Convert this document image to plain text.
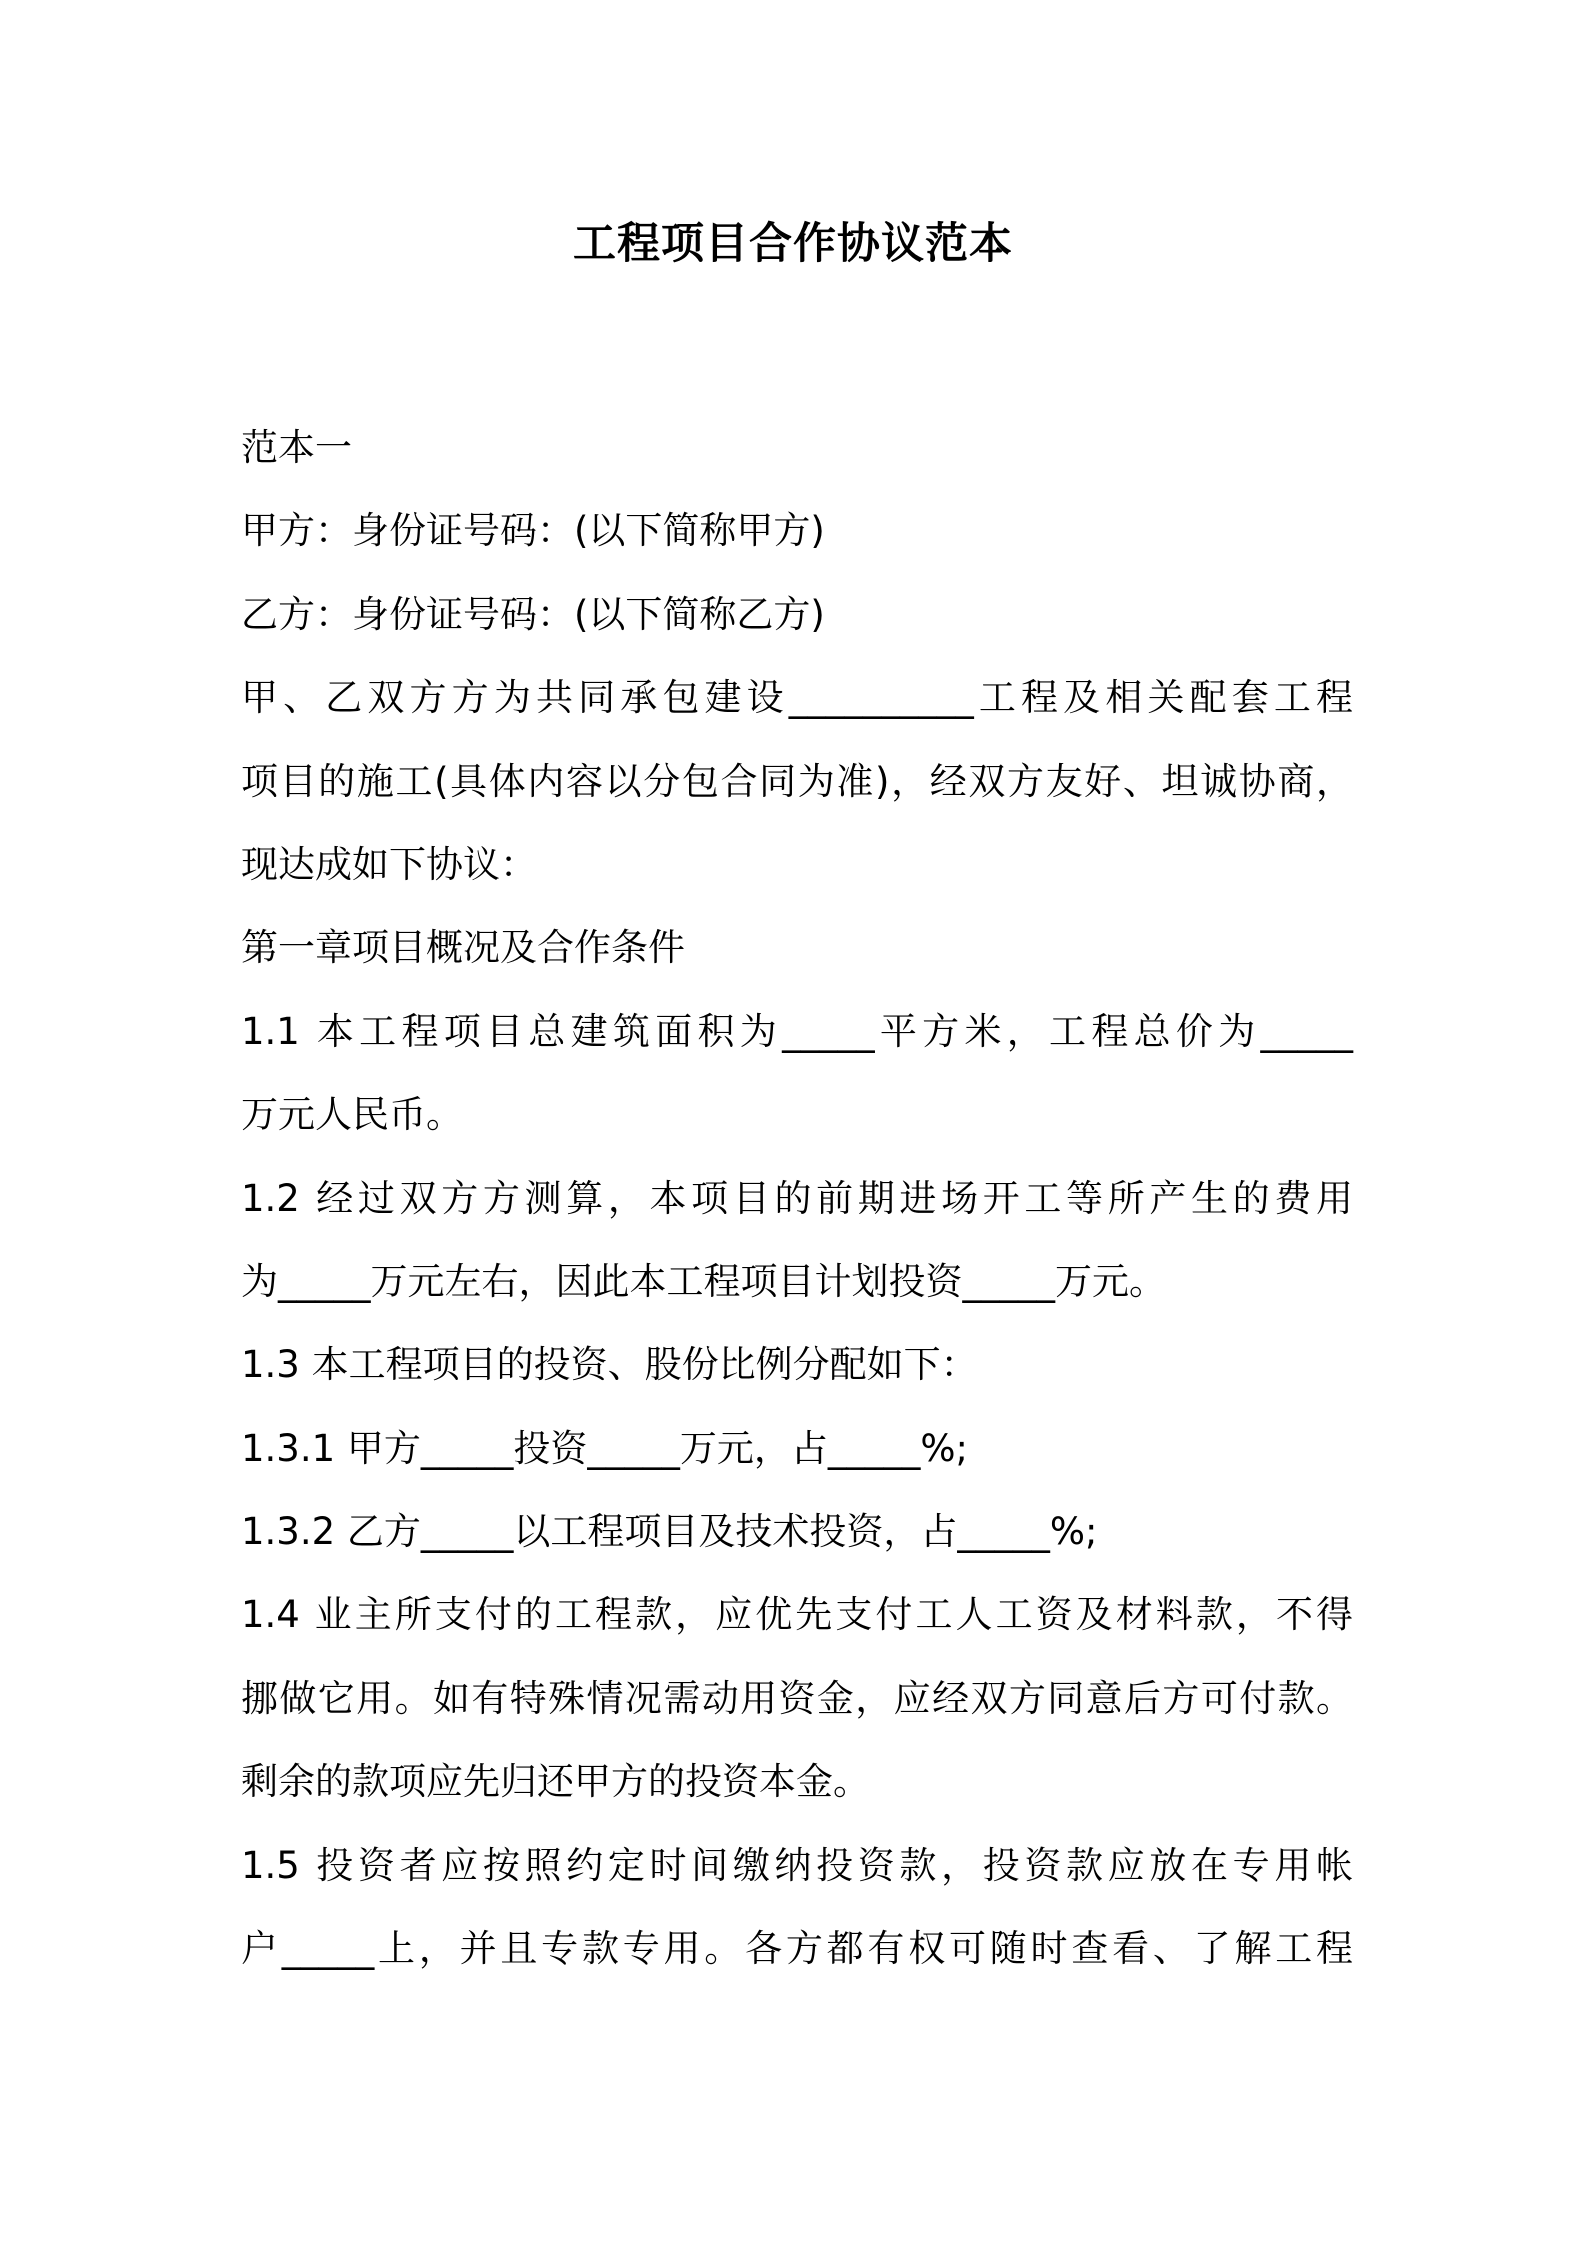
工程项目合作协议范本
范本一
甲方：身份证号码：(以下简称甲方)
乙方：身份证号码：(以下简称乙方)
甲、乙双方方为共同承包建设__________工程及相关配套工程
项目的施工(具体内容以分包合同为准)，经双方友好、坦诚协商，
现达成如下协议：
第一章项目概况及合作条件
1.1 本工程项目总建筑面积为_____平方米，工程总价为_____
万元人民币。
1.2 经过双方方测算，本项目的前期进场开工等所产生的费用
为_____万元左右，因此本工程项目计划投资_____万元。
1.3 本工程项目的投资、股份比例分配如下：
1.3.1 甲方_____投资_____万元，占_____%;
1.3.2 乙方_____以工程项目及技术投资，占_____%;
1.4 业主所支付的工程款，应优先支付工人工资及材料款，不得
挪做它用。如有特殊情况需动用资金，应经双方同意后方可付款。
剩余的款项应先归还甲方的投资本金。
1.5 投资者应按照约定时间缴纳投资款，投资款应放在专用帐
户_____上，并且专款专用。各方都有权可随时查看、了解工程
